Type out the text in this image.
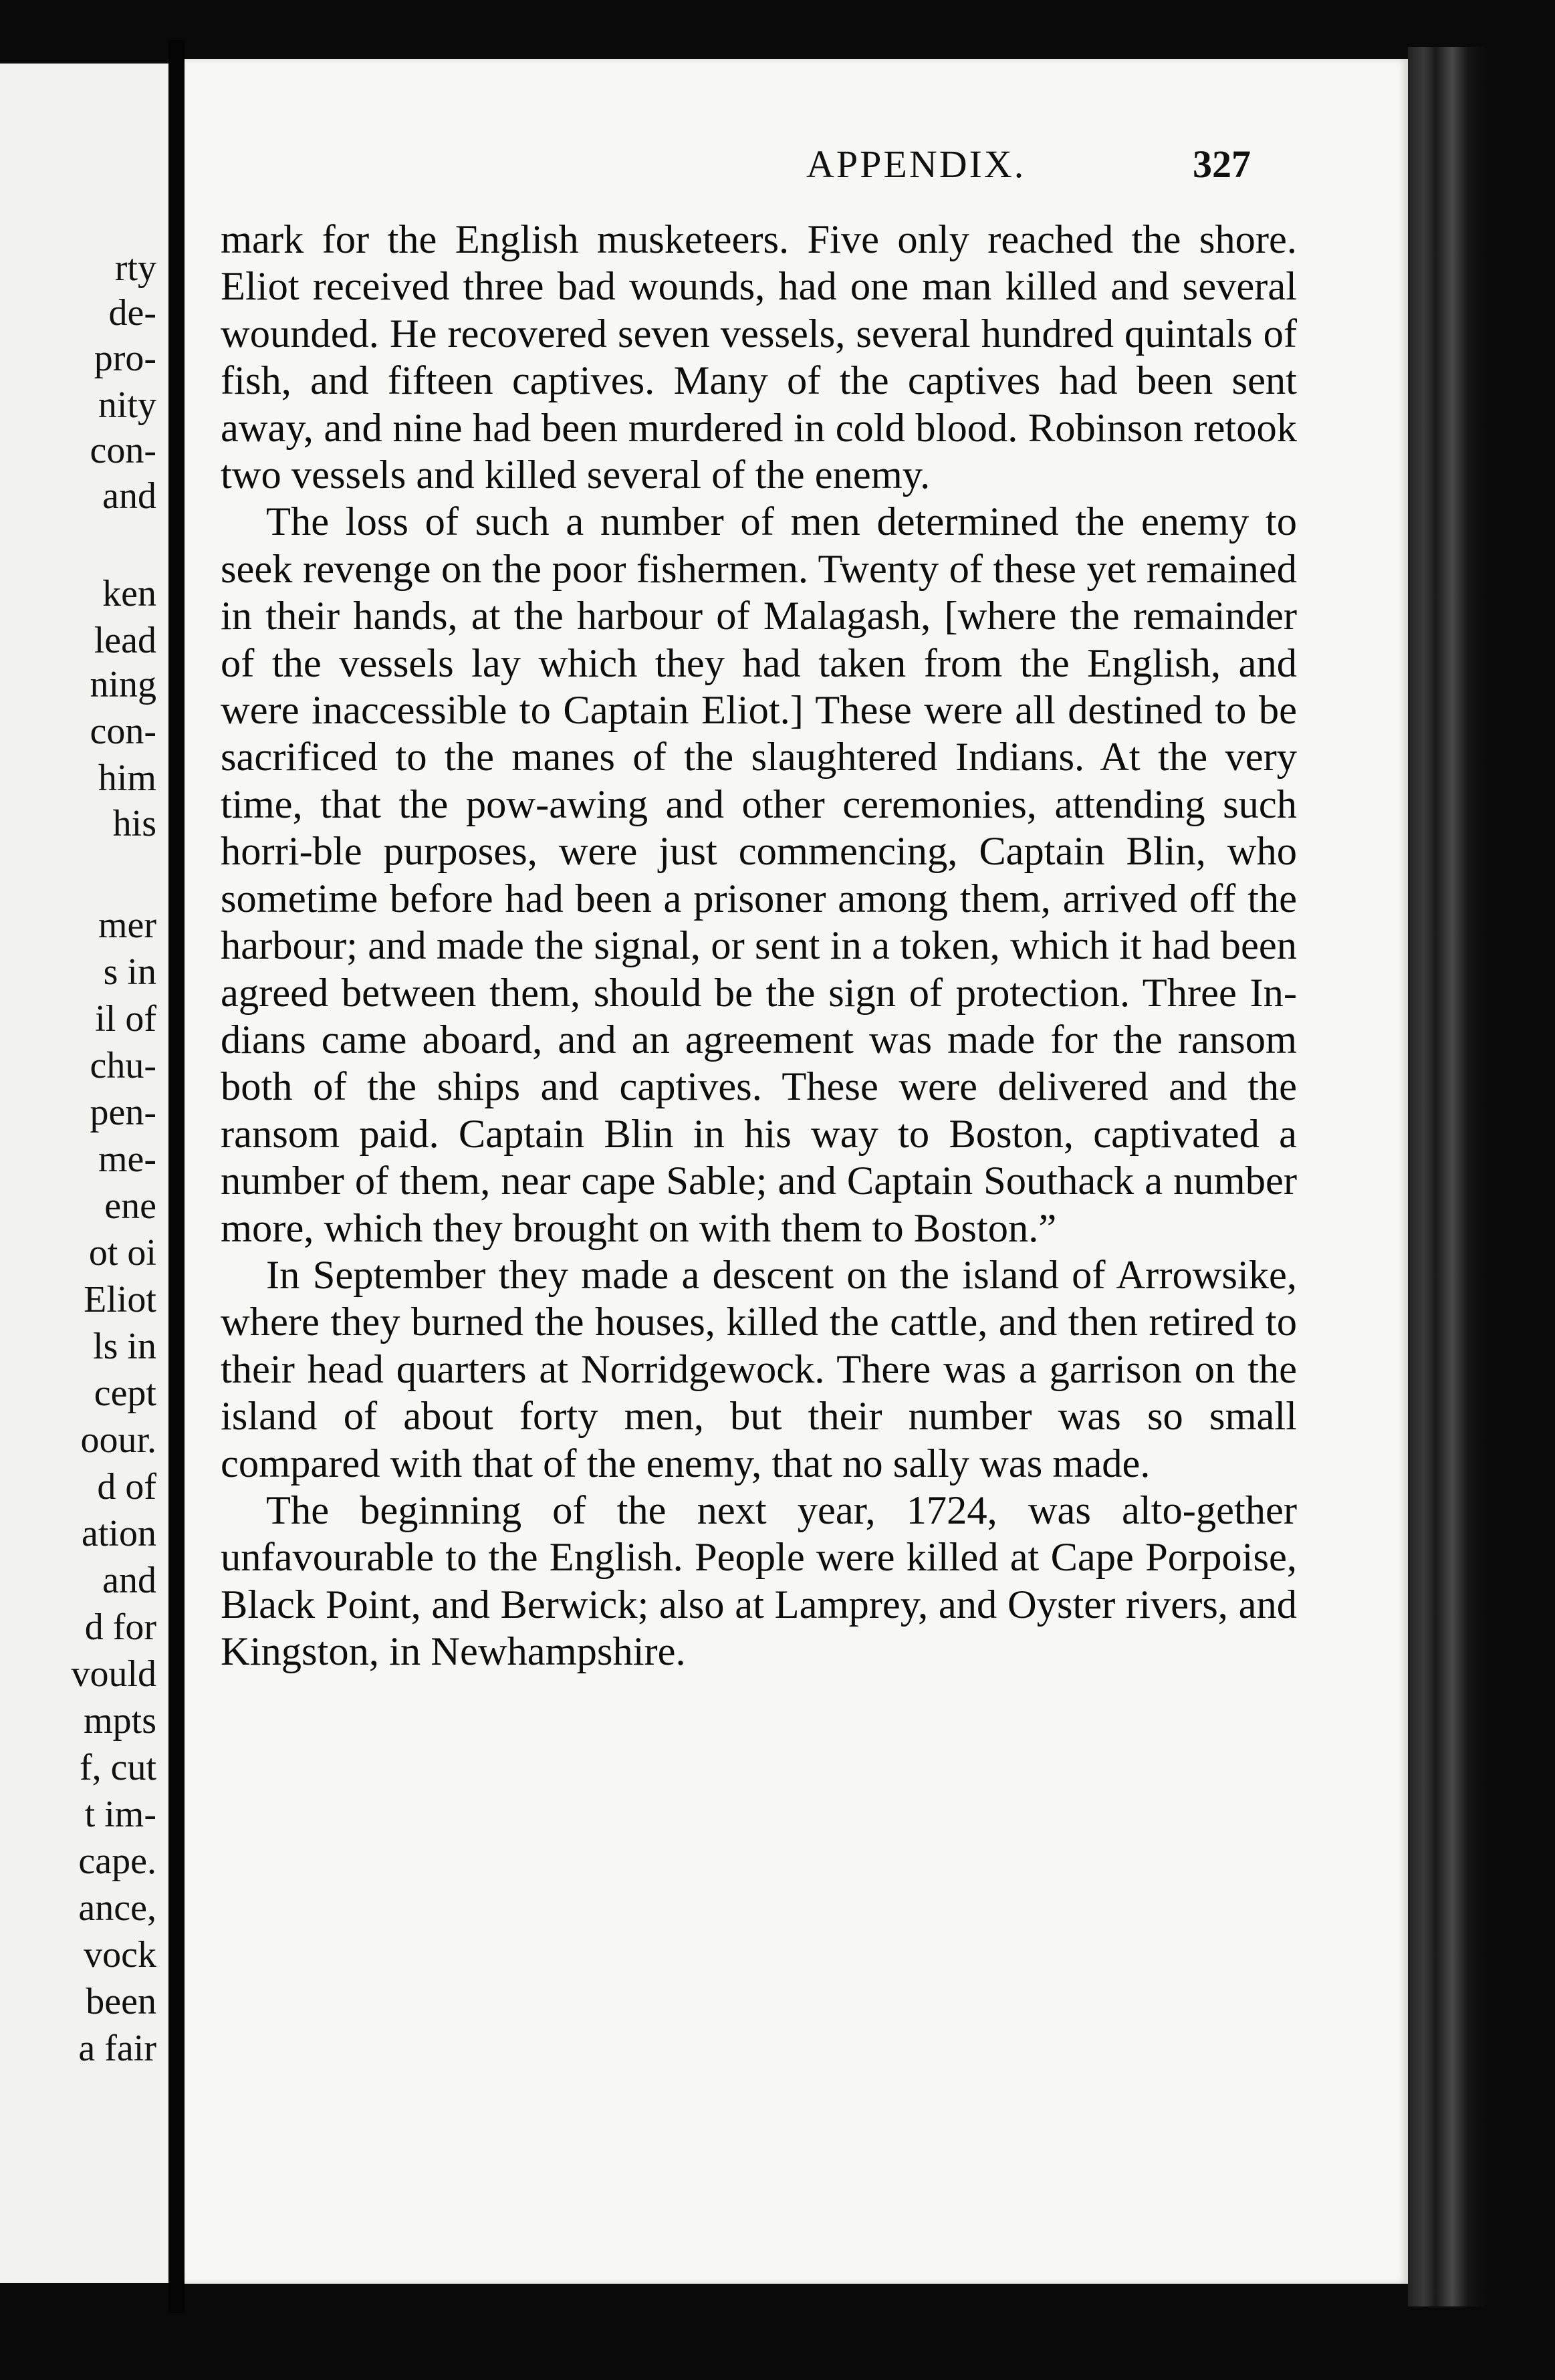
rty
de-
pro-
nity
con-
and
ken
lead
ning
con-
him
his
mer
s in
il of
chu-
pen-
me-
ene
ot oi
Eliot
ls in
cept
oour.
d of
ation
and
d for
vould
mpts
f, cut
t im-
cape.
ance,
vock
been
a fair
APPENDIX.	327

mark for the English musketeers. Five only reached the shore. Eliot received three bad wounds, had one man killed and several wounded. He recovered seven vessels, several hundred quintals of fish, and fifteen captives. Many of the captives had been sent away, and nine had been murdered in cold blood. Robinson retook two vessels and killed several of the enemy.

The loss of such a number of men determined the enemy to seek revenge on the poor fishermen. Twenty of these yet remained in their hands, at the harbour of Malagash, [where the remainder of the vessels lay which they had taken from the English, and were inaccessible to Captain Eliot.] These were all destined to be sacrificed to the manes of the slaughtered Indians. At the very time, that the pow-awing and other ceremonies, attending such horri-ble purposes, were just commencing, Captain Blin, who sometime before had been a prisoner among them, arrived off the harbour; and made the signal, or sent in a token, which it had been agreed between them, should be the sign of protection. Three In-dians came aboard, and an agreement was made for the ransom both of the ships and captives. These were delivered and the ransom paid. Captain Blin in his way to Boston, captivated a number of them, near cape Sable; and Captain Southack a number more, which they brought on with them to Boston.”

In September they made a descent on the island of Arrowsike, where they burned the houses, killed the cattle, and then retired to their head quarters at Norridgewock. There was a garrison on the island of about forty men, but their number was so small compared with that of the enemy, that no sally was made.

The beginning of the next year, 1724, was alto-gether unfavourable to the English. People were killed at Cape Porpoise, Black Point, and Berwick; also at Lamprey, and Oyster rivers, and Kingston, in Newhampshire.
